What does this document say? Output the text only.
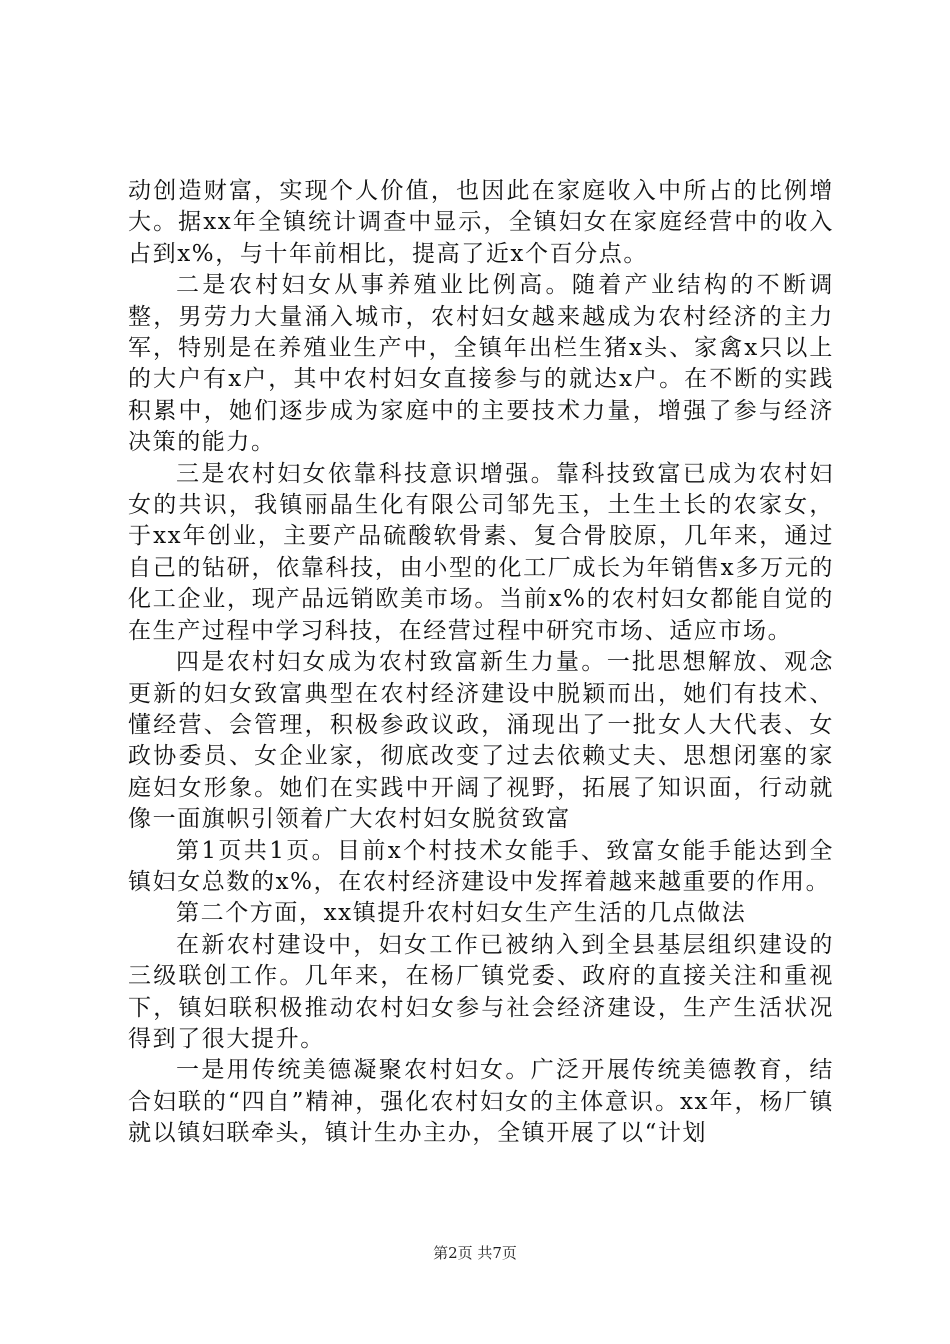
动创造财富，实现个人价值，也因此在家庭收入中所占的比例增大。据xx年全镇统计调查中显示，全镇妇女在家庭经营中的收入占到x%，与十年前相比，提高了近x个百分点。

二是农村妇女从事养殖业比例高。随着产业结构的不断调整，男劳力大量涌入城市，农村妇女越来越成为农村经济的主力军，特别是在养殖业生产中，全镇年出栏生猪x头、家禽x只以上的大户有x户，其中农村妇女直接参与的就达x户。在不断的实践积累中，她们逐步成为家庭中的主要技术力量，增强了参与经济决策的能力。

三是农村妇女依靠科技意识增强。靠科技致富已成为农村妇女的共识，我镇丽晶生化有限公司邹先玉，土生土长的农家女，于xx年创业，主要产品硫酸软骨素、复合骨胶原，几年来，通过自己的钻研，依靠科技，由小型的化工厂成长为年销售x多万元的化工企业，现产品远销欧美市场。当前x%的农村妇女都能自觉的在生产过程中学习科技，在经营过程中研究市场、适应市场。

四是农村妇女成为农村致富新生力量。一批思想解放、观念更新的妇女致富典型在农村经济建设中脱颖而出，她们有技术、懂经营、会管理，积极参政议政，涌现出了一批女人大代表、女政协委员、女企业家，彻底改变了过去依赖丈夫、思想闭塞的家庭妇女形象。她们在实践中开阔了视野，拓展了知识面，行动就像一面旗帜引领着广大农村妇女脱贫致富

第1页共1页。目前x个村技术女能手、致富女能手能达到全镇妇女总数的x%，在农村经济建设中发挥着越来越重要的作用。

第二个方面，xx镇提升农村妇女生产生活的几点做法

在新农村建设中，妇女工作已被纳入到全县基层组织建设的三级联创工作。几年来，在杨厂镇党委、政府的直接关注和重视下，镇妇联积极推动农村妇女参与社会经济建设，生产生活状况得到了很大提升。

一是用传统美德凝聚农村妇女。广泛开展传统美德教育，结合妇联的“四自”精神，强化农村妇女的主体意识。xx年，杨厂镇就以镇妇联牵头，镇计生办主办，全镇开展了以“计划

第2页 共7页
